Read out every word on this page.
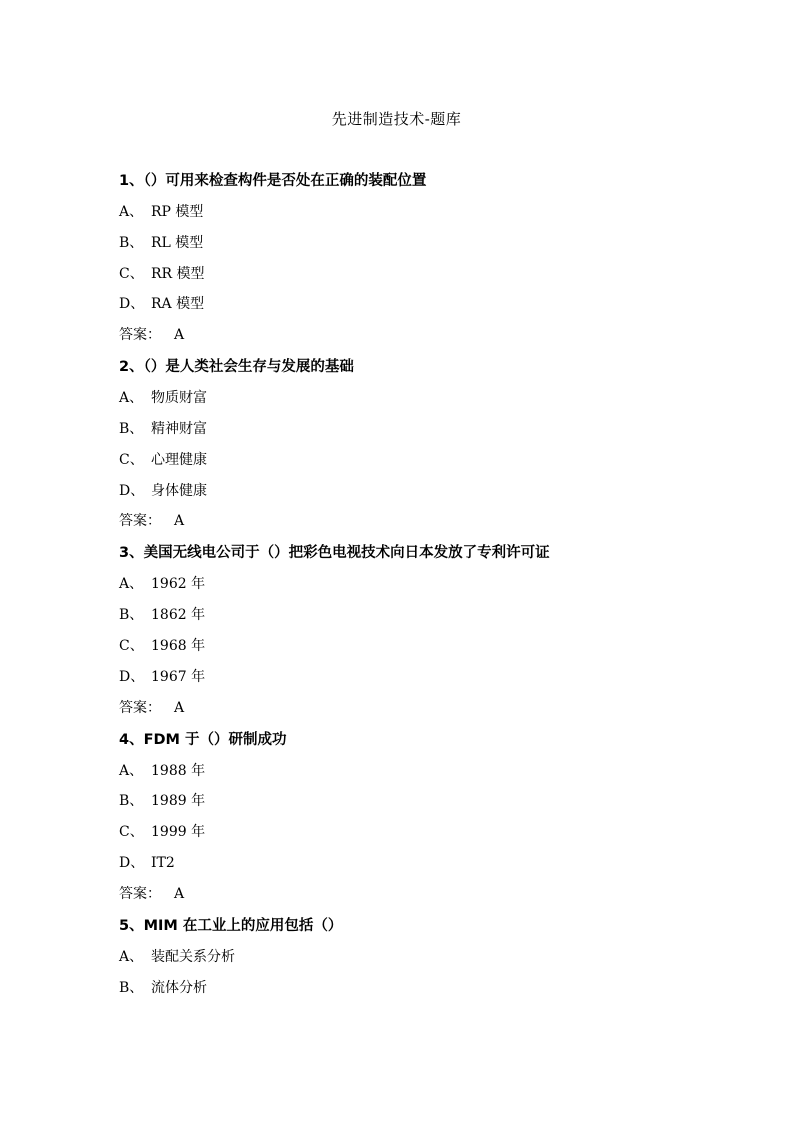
先进制造技术-题库
1、（）可用来检查构件是否处在正确的装配位置
A、 RP 模型
B、 RL 模型
C、 RR 模型
D、 RA 模型
答案： A
2、（）是人类社会生存与发展的基础
A、 物质财富
B、 精神财富
C、 心理健康
D、 身体健康
答案： A
3、美国无线电公司于（）把彩色电视技术向日本发放了专利许可证
A、 1962 年
B、 1862 年
C、 1968 年
D、 1967 年
答案： A
4、FDM 于（）研制成功
A、 1988 年
B、 1989 年
C、 1999 年
D、 IT2
答案： A
5、MIM 在工业上的应用包括（）
A、 装配关系分析
B、 流体分析
